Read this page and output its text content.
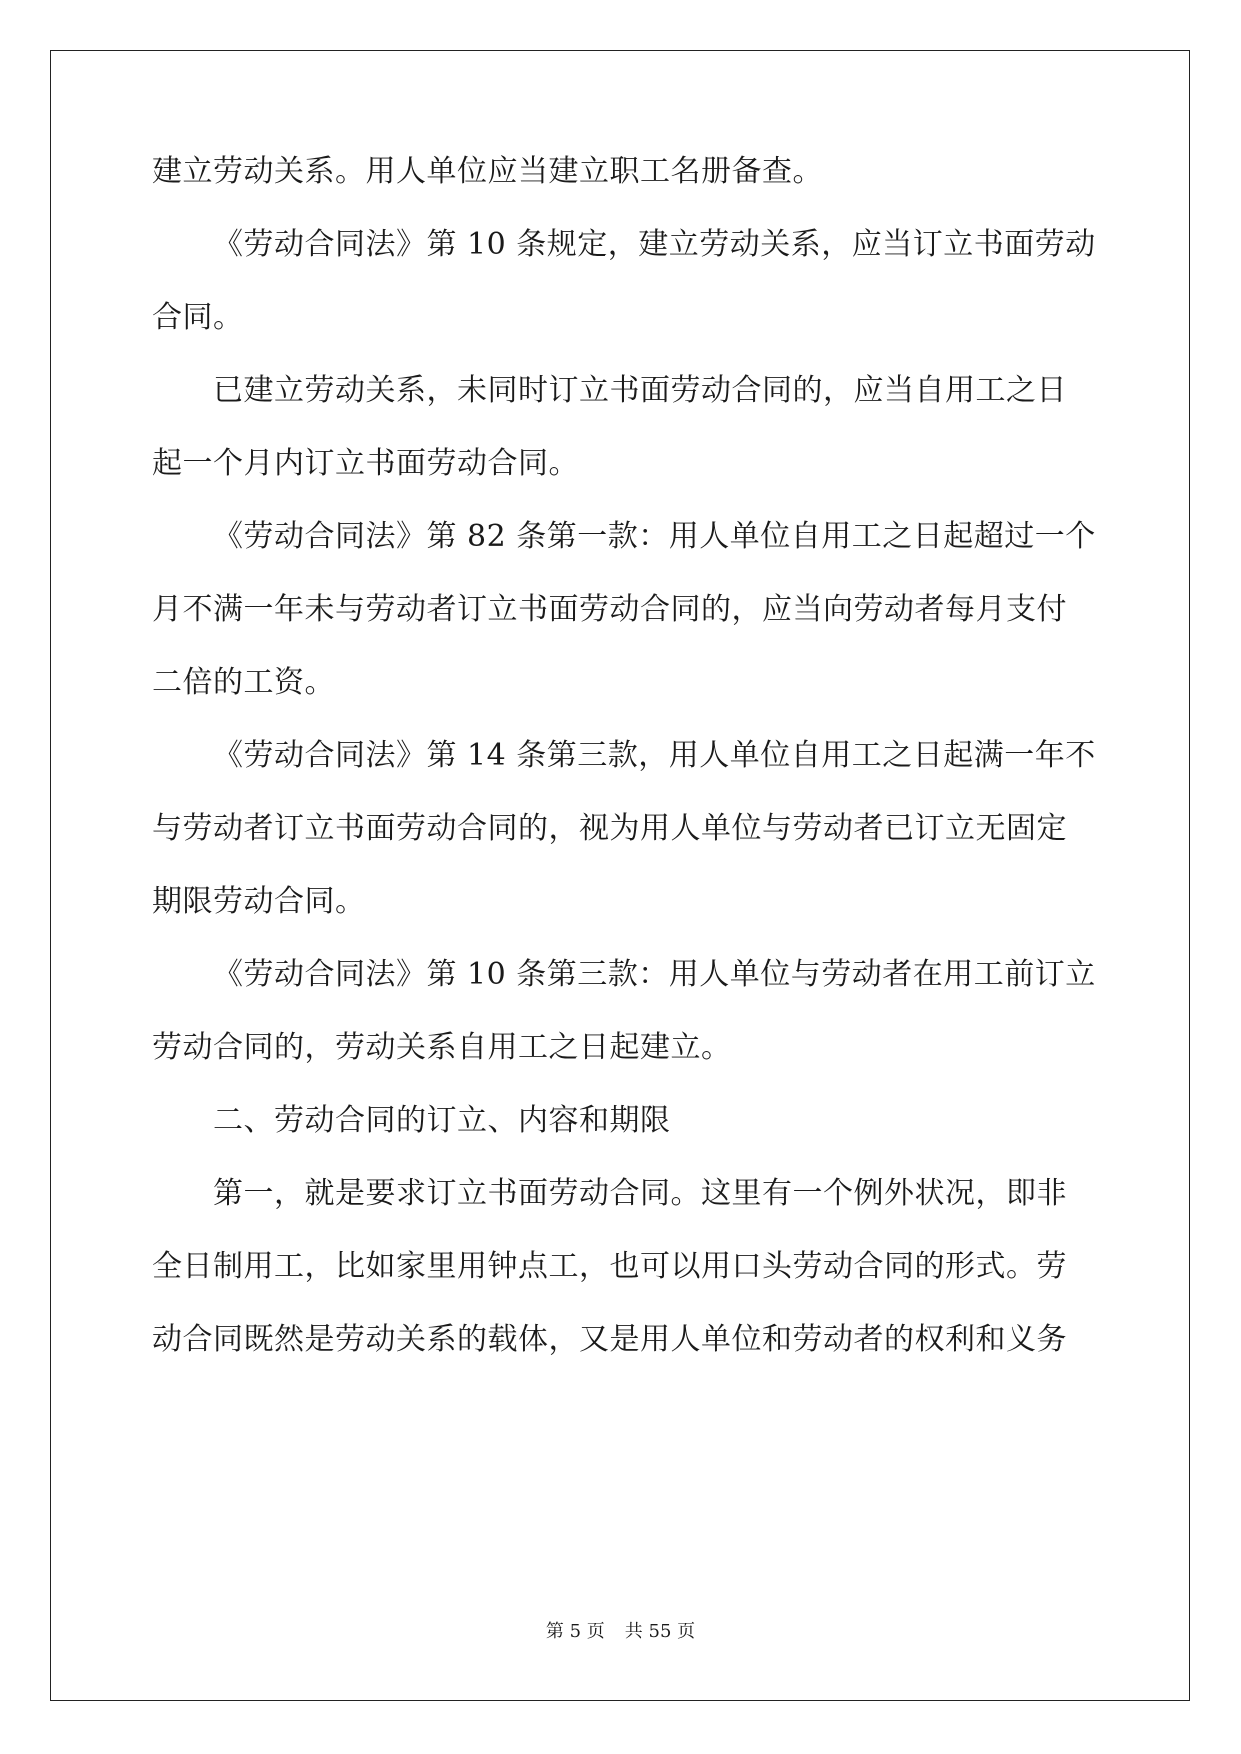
建立劳动关系。用人单位应当建立职工名册备查。
《劳动合同法》第 10 条规定，建立劳动关系，应当订立书面劳动
合同。
已建立劳动关系，未同时订立书面劳动合同的，应当自用工之日
起一个月内订立书面劳动合同。
《劳动合同法》第 82 条第一款：用人单位自用工之日起超过一个
月不满一年未与劳动者订立书面劳动合同的，应当向劳动者每月支付
二倍的工资。
《劳动合同法》第 14 条第三款，用人单位自用工之日起满一年不
与劳动者订立书面劳动合同的，视为用人单位与劳动者已订立无固定
期限劳动合同。
《劳动合同法》第 10 条第三款：用人单位与劳动者在用工前订立
劳动合同的，劳动关系自用工之日起建立。
二、劳动合同的订立、内容和期限
第一，就是要求订立书面劳动合同。这里有一个例外状况，即非
全日制用工，比如家里用钟点工，也可以用口头劳动合同的形式。劳
动合同既然是劳动关系的载体，又是用人单位和劳动者的权利和义务
第 5 页 共 55 页
